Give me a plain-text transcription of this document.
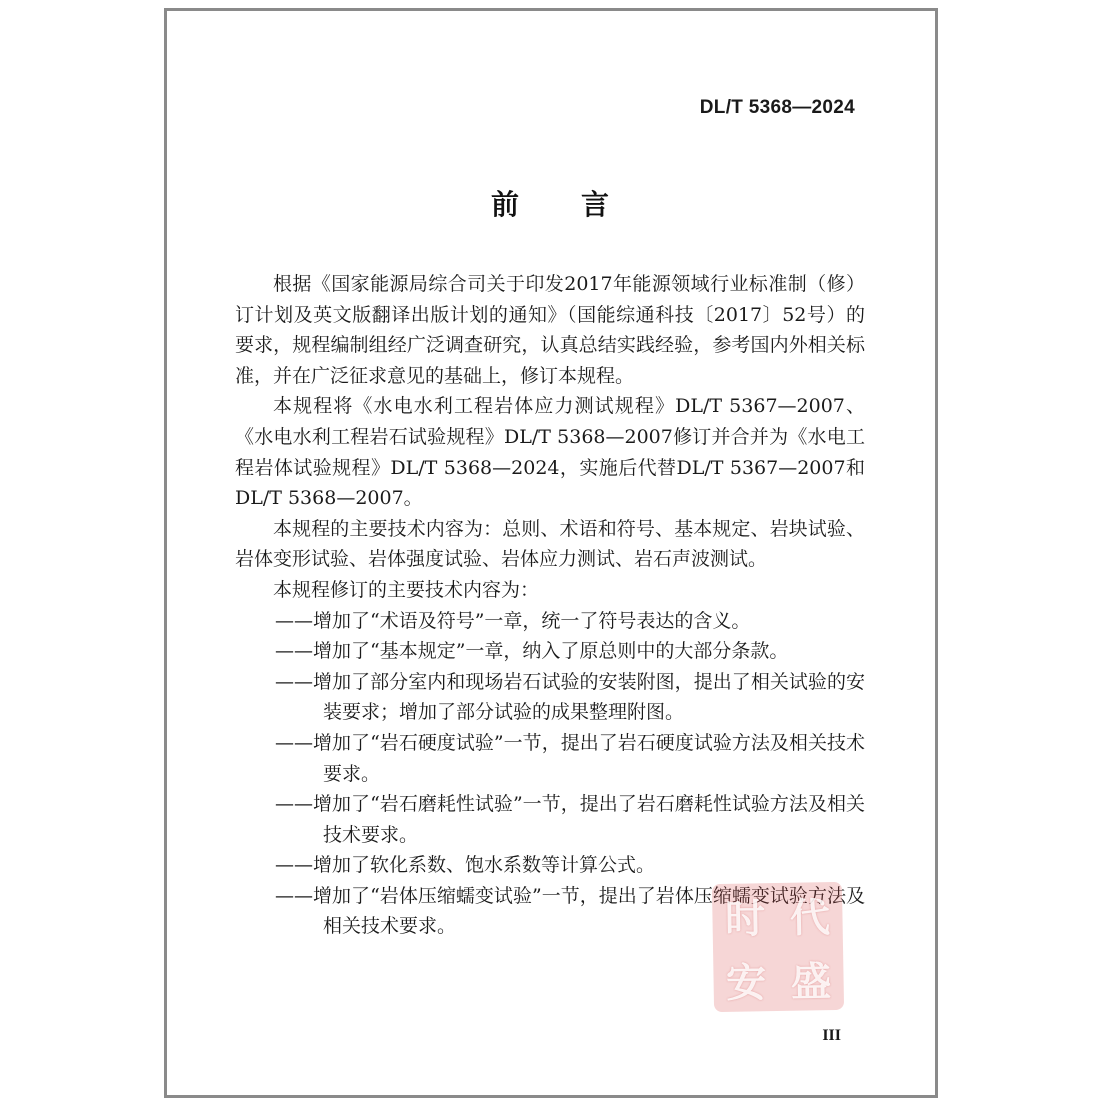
DL/T 5368—2024
前 言

根据《国家能源局综合司关于印发2017年能源领域行业标准制（修）订计划及英文版翻译出版计划的通知》（国能综通科技〔2017〕52号）的要求，规程编制组经广泛调查研究，认真总结实践经验，参考国内外相关标准，并在广泛征求意见的基础上，修订本规程。

本规程将《水电水利工程岩体应力测试规程》DL/T 5367—2007、《水电水利工程岩石试验规程》DL/T 5368—2007修订并合并为《水电工程岩体试验规程》DL/T 5368—2024，实施后代替DL/T 5367—2007和DL/T 5368—2007。

本规程的主要技术内容为：总则、术语和符号、基本规定、岩块试验、岩体变形试验、岩体强度试验、岩体应力测试、岩石声波测试。

本规程修订的主要技术内容为：

——增加了“术语及符号”一章，统一了符号表达的含义。

——增加了“基本规定”一章，纳入了原总则中的大部分条款。

——增加了部分室内和现场岩石试验的安装附图，提出了相关试验的安装要求；增加了部分试验的成果整理附图。

——增加了“岩石硬度试验”一节，提出了岩石硬度试验方法及相关技术要求。

——增加了“岩石磨耗性试验”一节，提出了岩石磨耗性试验方法及相关技术要求。

——增加了软化系数、饱水系数等计算公式。

——增加了“岩体压缩蠕变试验”一节，提出了岩体压缩蠕变试验方法及相关技术要求。	时 代
安 盛
III
